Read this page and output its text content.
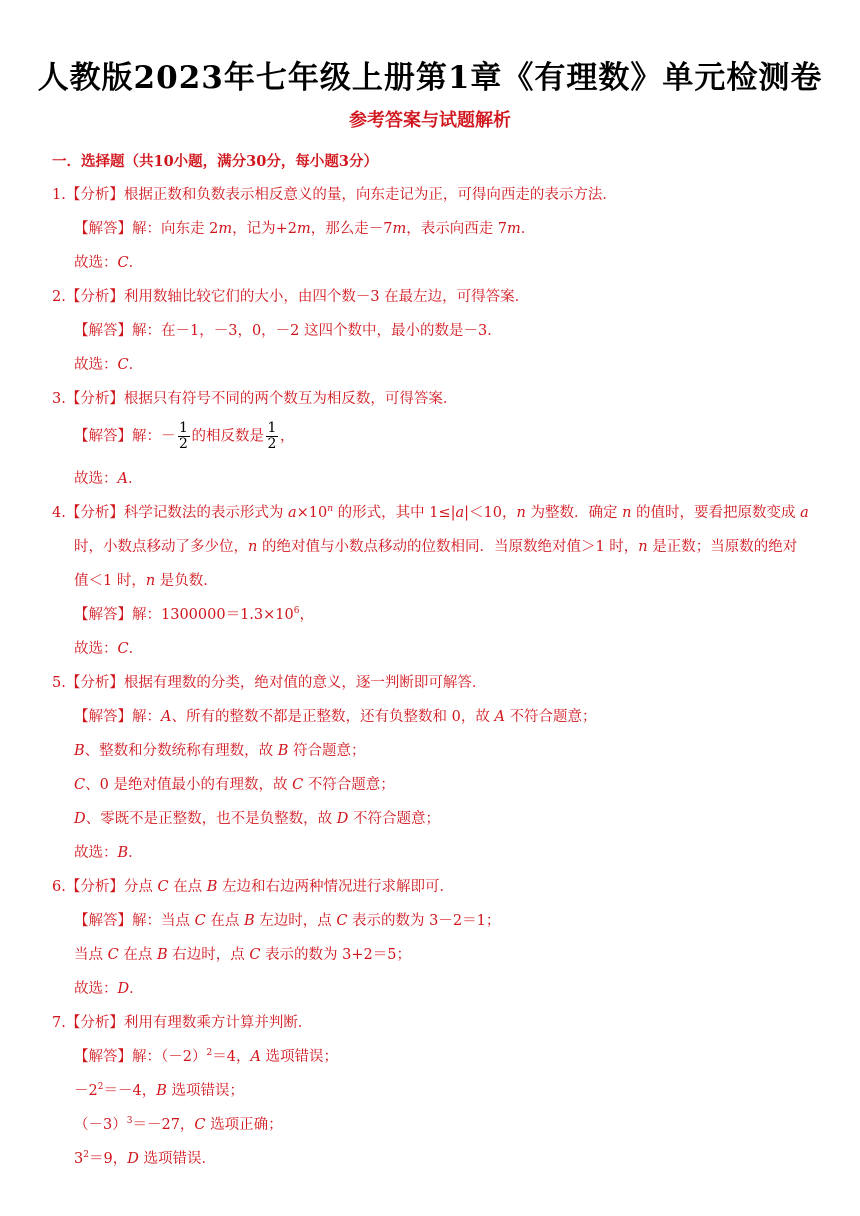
人教版2023年七年级上册第1章《有理数》单元检测卷
参考答案与试题解析
一．选择题（共10小题，满分30分，每小题3分）
1.【分析】根据正数和负数表示相反意义的量，向东走记为正，可得向西走的表示方法．
【解答】解：向东走 2m，记为+2m，那么走－7m，表示向西走 7m．
故选：C．
2.【分析】利用数轴比较它们的大小，由四个数－3 在最左边，可得答案．
【解答】解：在－1，－3，0，－2 这四个数中，最小的数是－3．
故选：C．
3.【分析】根据只有符号不同的两个数互为相反数，可得答案．
【解答】解：－ $\frac{1}{2}$ 的相反数是 $\frac{1}{2}$ ，
故选：A．
4.【分析】科学记数法的表示形式为 $a\times 10^n$ 的形式，其中 1≤|a|＜10，n 为整数．确定 n 的值时，要看把原数变成 a
时，小数点移动了多少位，n 的绝对值与小数点移动的位数相同．当原数绝对值＞1 时，n 是正数；当原数的绝对
值＜1 时，n 是负数．
【解答】解：$1300000=1.3\times 10^6$，
故选：C．
5.【分析】根据有理数的分类，绝对值的意义，逐一判断即可解答．
【解答】解：A、所有的整数不都是正整数，还有负整数和 0，故 A 不符合题意；
B、整数和分数统称有理数，故 B 符合题意；
C、0 是绝对值最小的有理数，故 C 不符合题意；
D、零既不是正整数，也不是负整数，故 D 不符合题意；
故选：B．
6.【分析】分点 C 在点 B 左边和右边两种情况进行求解即可．
【解答】解：当点 C 在点 B 左边时，点 C 表示的数为 3－2＝1；
当点 C 在点 B 右边时，点 C 表示的数为 3+2＝5；
故选：D．
7.【分析】利用有理数乘方计算并判断．
【解答】解：$(-2)^2=4$，A 选项错误；
$-2^2=-4$，B 选项错误；
$(-3)^3=-27$，C 选项正确；
$3^2=9$，D 选项错误．
